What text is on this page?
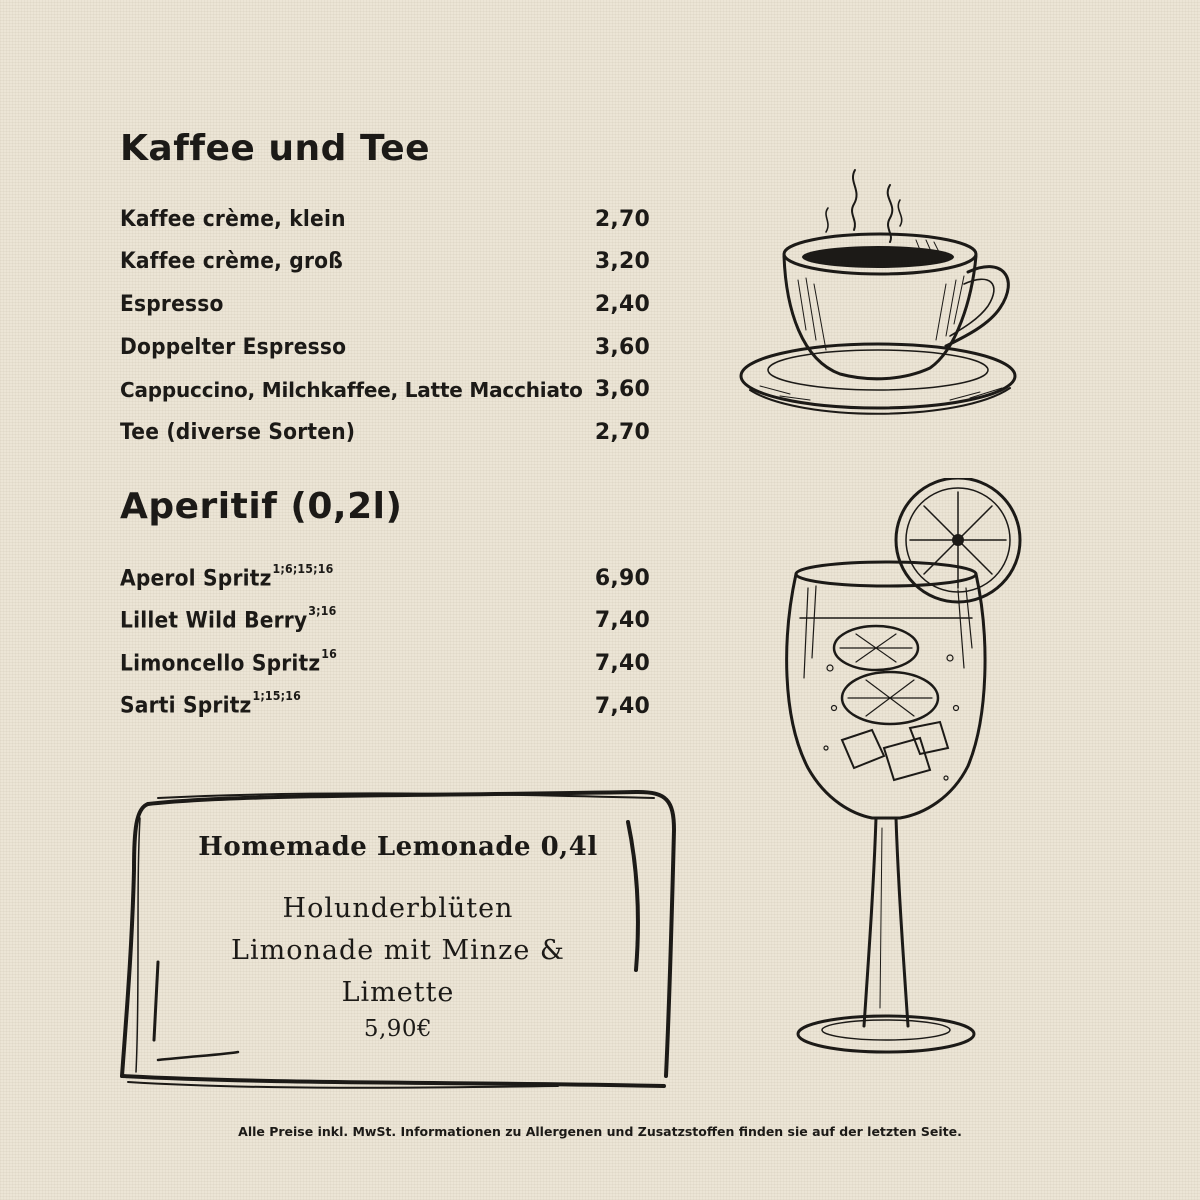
Kaffee und Tee
Kaffee crème, klein	2,70
Kaffee crème, groß	3,20
Espresso	2,40
Doppelter Espresso	3,60
Cappuccino, Milchkaffee, Latte Macchiato 3,60
Tee (diverse Sorten)	2,70
Aperitif (0,2l)
Aperol Spritz$^{1;6;15;16}$	6,90
Lillet Wild Berry$^{3;16}$	7,40
Limoncello Spritz$^{16}$	7,40
Sarti Spritz$^{1;15;16}$	7,40
Homemade Lemonade 0,4l
Holunderblüten
Limonade mit Minze &
Limette
5,90€
Alle Preise inkl. MwSt. Informationen zu Allergenen und Zusatzstoffen finden sie auf der letzten Seite.
